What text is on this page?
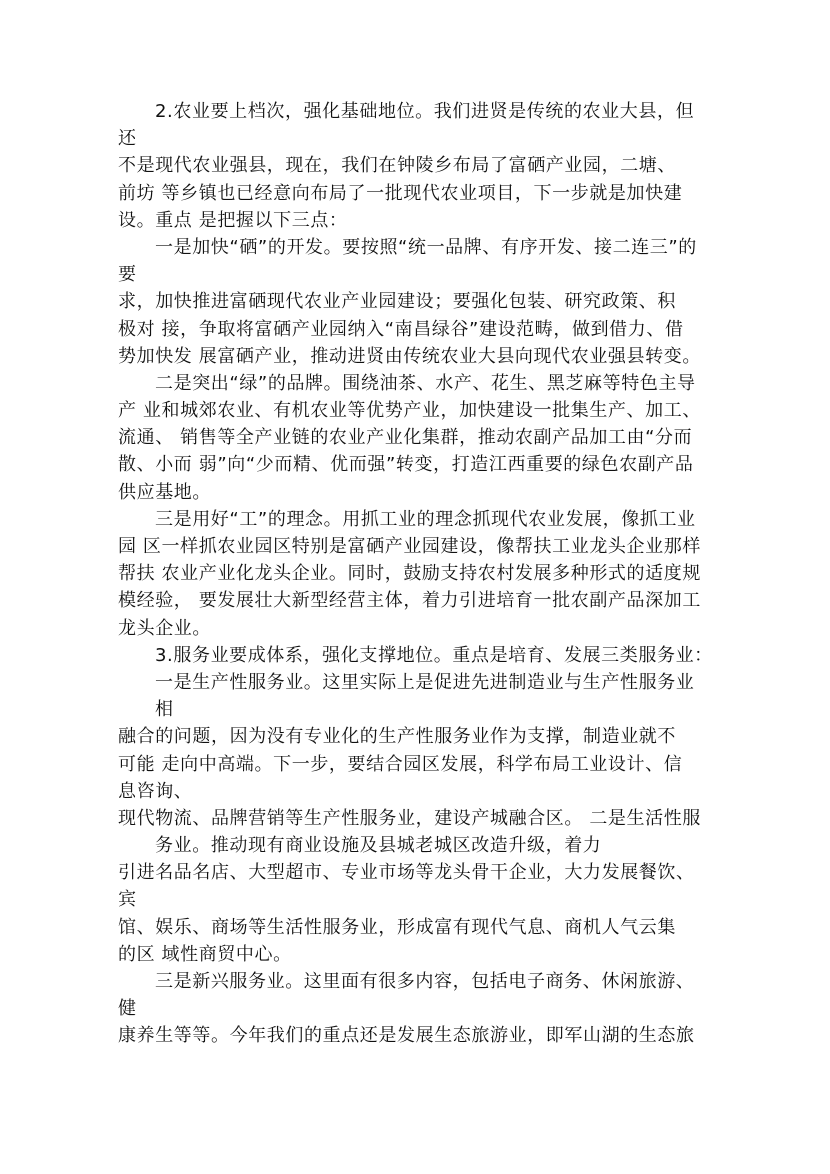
2.农业要上档次，强化基础地位。我们进贤是传统的农业大县，但
还
不是现代农业强县，现在，我们在钟陵乡布局了富硒产业园，二塘、
前坊 等乡镇也已经意向布局了一批现代农业项目，下一步就是加快建
设。重点 是把握以下三点：
一是加快“硒”的开发。要按照“统一品牌、有序开发、接二连三”的
要
求，加快推进富硒现代农业产业园建设；要强化包装、研究政策、积
极对 接，争取将富硒产业园纳入“南昌绿谷”建设范畴，做到借力、借
势加快发 展富硒产业，推动进贤由传统农业大县向现代农业强县转变。
二是突出“绿”的品牌。围绕油茶、水产、花生、黑芝麻等特色主导
产 业和城郊农业、有机农业等优势产业，加快建设一批集生产、加工、
流通、 销售等全产业链的农业产业化集群，推动农副产品加工由“分而
散、小而 弱”向“少而精、优而强”转变，打造江西重要的绿色农副产品
供应基地。
三是用好“工”的理念。用抓工业的理念抓现代农业发展，像抓工业
园 区一样抓农业园区特别是富硒产业园建设，像帮扶工业龙头企业那样
帮扶 农业产业化龙头企业。同时，鼓励支持农村发展多种形式的适度规
模经验， 要发展壮大新型经营主体，着力引进培育一批农副产品深加工
龙头企业。
3.服务业要成体系，强化支撑地位。重点是培育、发展三类服务业：
一是生产性服务业。这里实际上是促进先进制造业与生产性服务业
相
融合的问题，因为没有专业化的生产性服务业作为支撑，制造业就不
可能 走向中高端。下一步，要结合园区发展，科学布局工业设计、信
息咨询、
现代物流、品牌营销等生产性服务业，建设产城融合区。 二是生活性服
务业。推动现有商业设施及县城老城区改造升级，着力
引进名品名店、大型超市、专业市场等龙头骨干企业，大力发展餐饮、
宾
馆、娱乐、商场等生活性服务业，形成富有现代气息、商机人气云集
的区 域性商贸中心。
三是新兴服务业。这里面有很多内容，包括电子商务、休闲旅游、
健
康养生等等。今年我们的重点还是发展生态旅游业，即军山湖的生态旅
